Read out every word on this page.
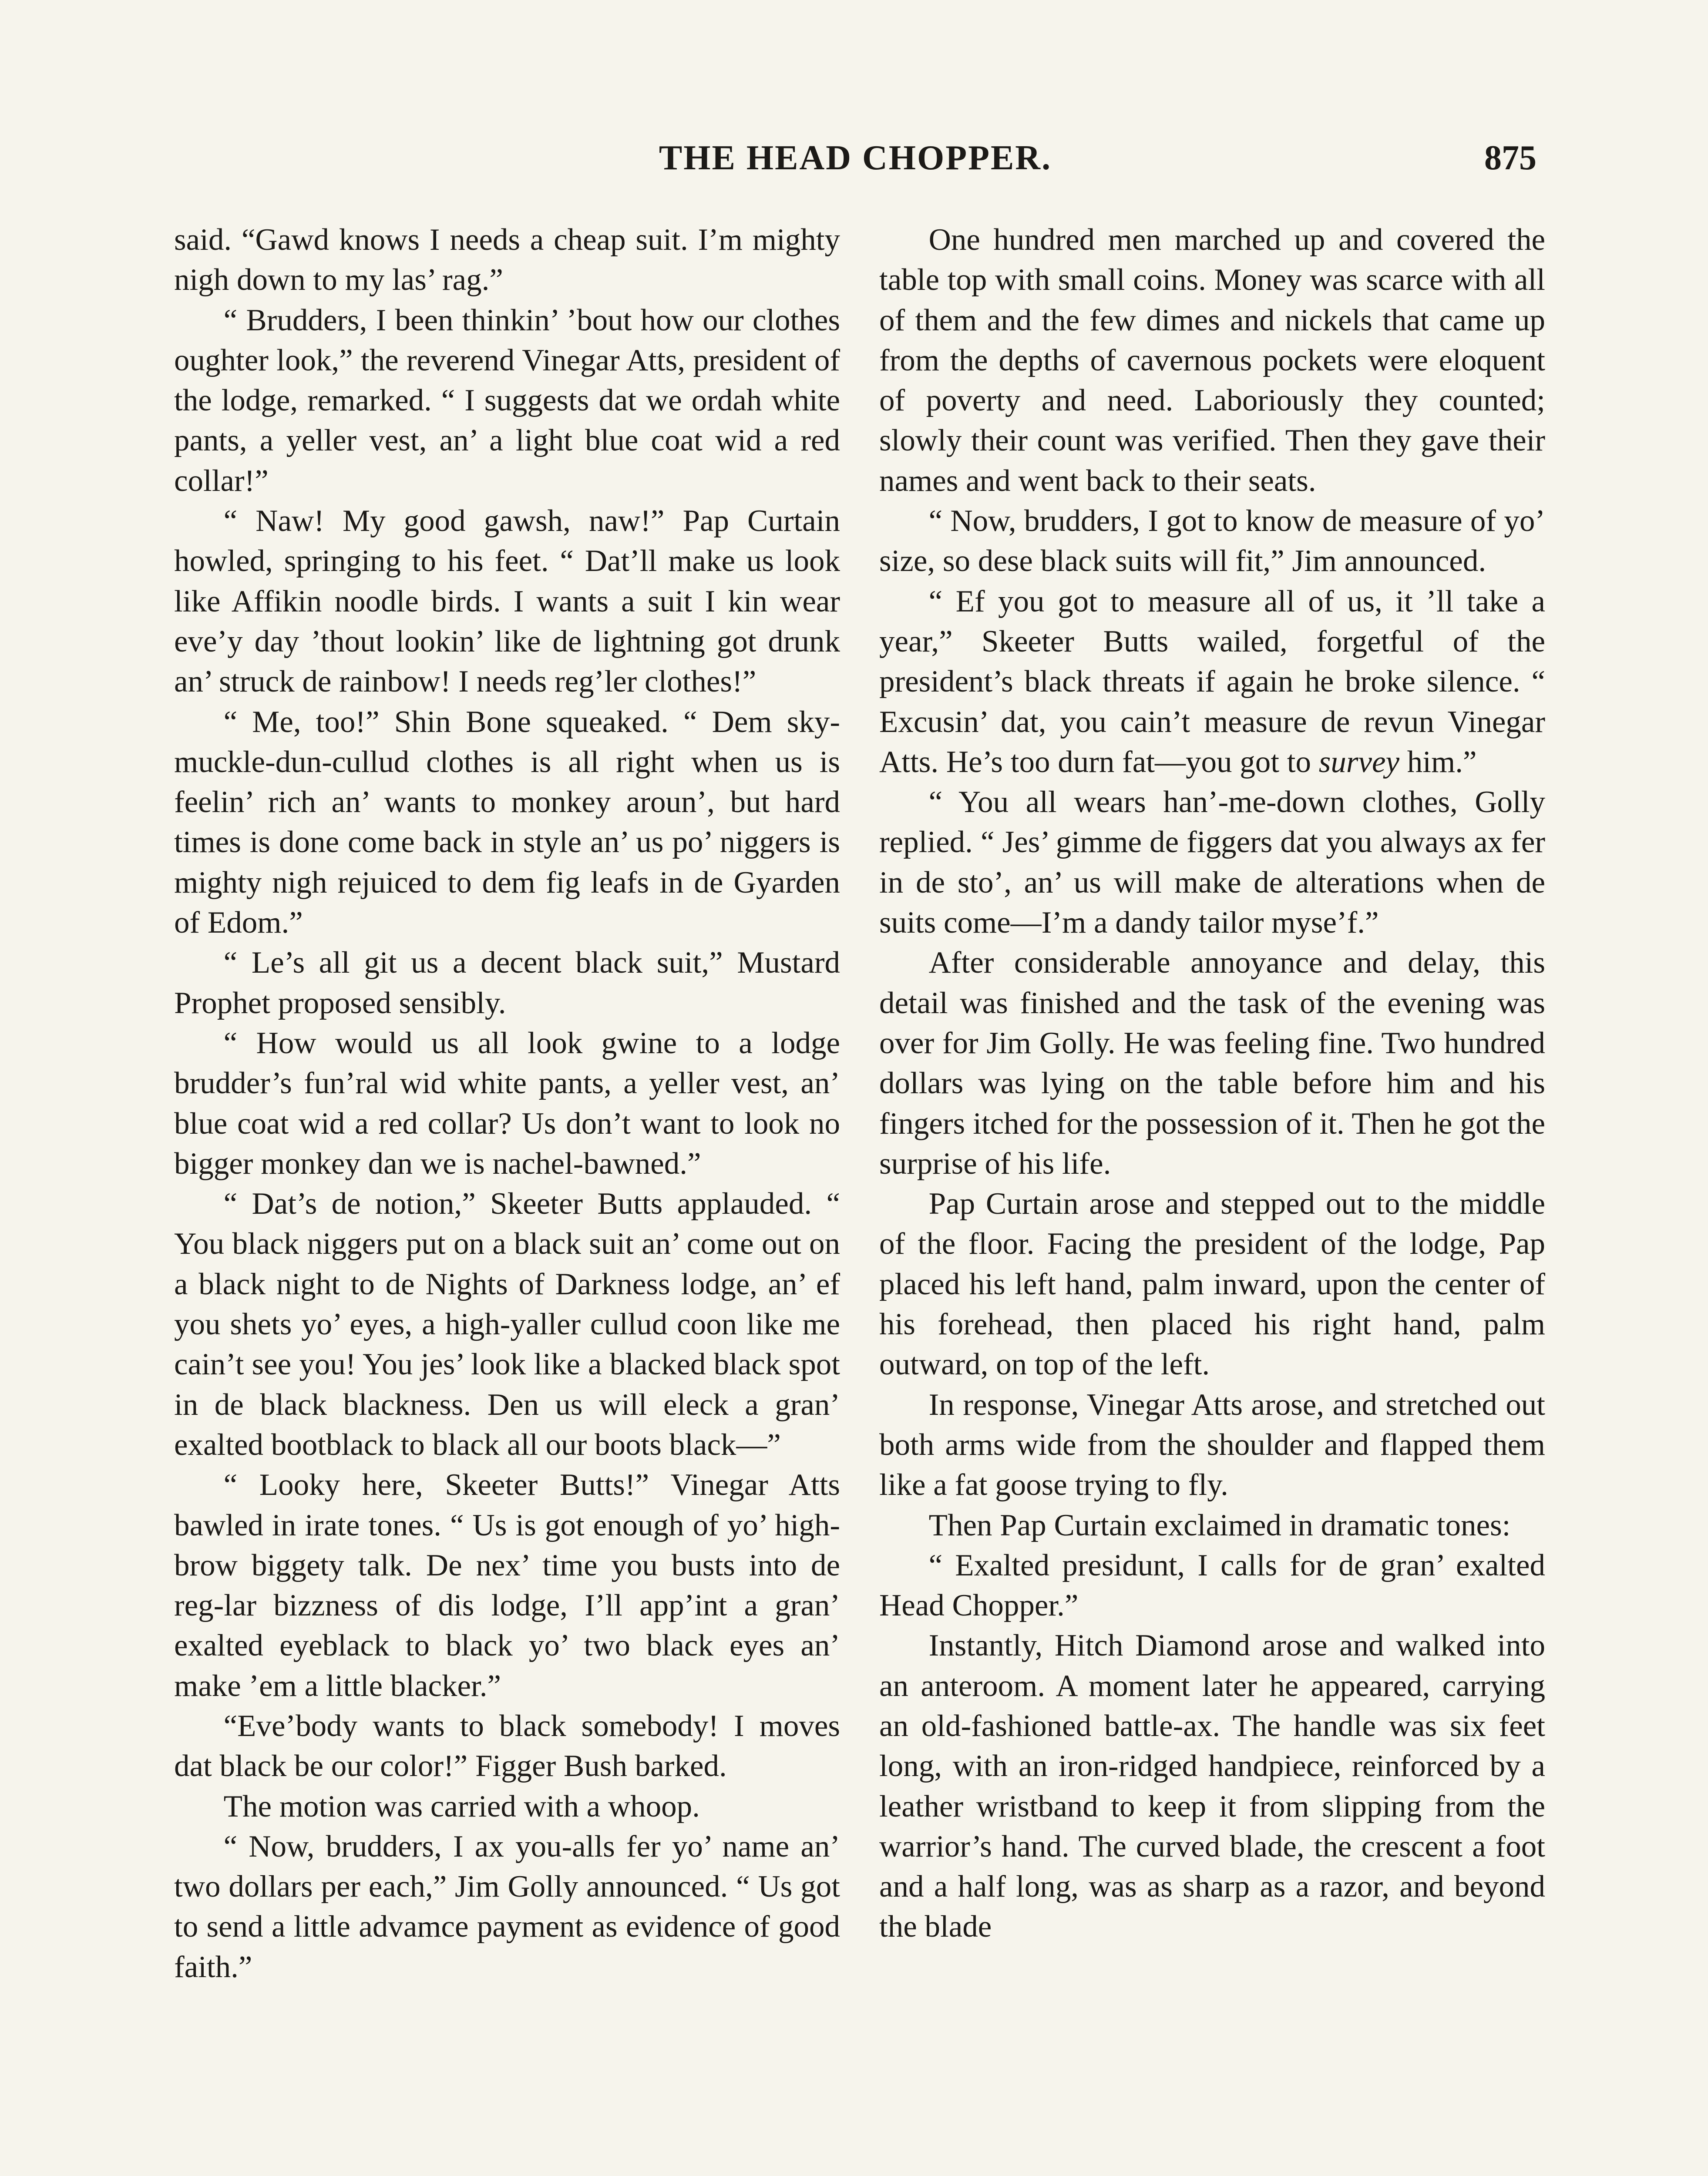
THE HEAD CHOPPER.	875

said. “Gawd knows I needs a cheap suit. I’m mighty nigh down to my las’ rag.”

“ Brudders, I been thinkin’ ’bout how our clothes oughter look,” the reverend Vinegar Atts, president of the lodge, remarked. “ I suggests dat we ordah white pants, a yeller vest, an’ a light blue coat wid a red collar!”

“ Naw! My good gawsh, naw!” Pap Curtain howled, springing to his feet. “ Dat’ll make us look like Affikin noodle birds. I wants a suit I kin wear eve’y day ’thout lookin’ like de lightning got drunk an’ struck de rainbow! I needs reg’ler clothes!”

“ Me, too!” Shin Bone squeaked. “ Dem sky-muckle-dun-cullud clothes is all right when us is feelin’ rich an’ wants to monkey aroun’, but hard times is done come back in style an’ us po’ niggers is mighty nigh rejuiced to dem fig leafs in de Gyarden of Edom.”

“ Le’s all git us a decent black suit,” Mustard Prophet proposed sensibly.

“ How would us all look gwine to a lodge brudder’s fun’ral wid white pants, a yeller vest, an’ blue coat wid a red collar? Us don’t want to look no bigger monkey dan we is nachel-bawned.”

“ Dat’s de notion,” Skeeter Butts applauded. “ You black niggers put on a black suit an’ come out on a black night to de Nights of Darkness lodge, an’ ef you shets yo’ eyes, a high-yaller cullud coon like me cain’t see you! You jes’ look like a blacked black spot in de black blackness. Den us will eleck a gran’ exalted bootblack to black all our boots black—”

“ Looky here, Skeeter Butts!” Vinegar Atts bawled in irate tones. “ Us is got enough of yo’ high-brow biggety talk. De nex’ time you busts into de reg-lar bizzness of dis lodge, I’ll app’int a gran’ exalted eyeblack to black yo’ two black eyes an’ make ’em a little blacker.”

“Eve’body wants to black somebody! I moves dat black be our color!” Figger Bush barked.

The motion was carried with a whoop.

“ Now, brudders, I ax you-alls fer yo’ name an’ two dollars per each,” Jim Golly announced. “ Us got to send a little advamce payment as evidence of good faith.”

One hundred men marched up and covered the table top with small coins. Money was scarce with all of them and the few dimes and nickels that came up from the depths of cavernous pockets were eloquent of poverty and need. Laboriously they counted; slowly their count was verified. Then they gave their names and went back to their seats.

“ Now, brudders, I got to know de measure of yo’ size, so dese black suits will fit,” Jim announced.

“ Ef you got to measure all of us, it ’ll take a year,” Skeeter Butts wailed, forgetful of the president’s black threats if again he broke silence. “ Excusin’ dat, you cain’t measure de revun Vinegar Atts. He’s too durn fat—you got to survey him.”

“ You all wears han’-me-down clothes, Golly replied. “ Jes’ gimme de figgers dat you always ax fer in de sto’, an’ us will make de alterations when de suits come—I’m a dandy tailor myse’f.”

After considerable annoyance and delay, this detail was finished and the task of the evening was over for Jim Golly. He was feeling fine. Two hundred dollars was lying on the table before him and his fingers itched for the possession of it. Then he got the surprise of his life.

Pap Curtain arose and stepped out to the middle of the floor. Facing the president of the lodge, Pap placed his left hand, palm inward, upon the center of his forehead, then placed his right hand, palm outward, on top of the left.

In response, Vinegar Atts arose, and stretched out both arms wide from the shoulder and flapped them like a fat goose trying to fly.

Then Pap Curtain exclaimed in dramatic tones:

“ Exalted presidunt, I calls for de gran’ exalted Head Chopper.”

Instantly, Hitch Diamond arose and walked into an anteroom. A moment later he appeared, carrying an old-fashioned battle-ax. The handle was six feet long, with an iron-ridged handpiece, reinforced by a leather wristband to keep it from slipping from the warrior’s hand. The curved blade, the crescent a foot and a half long, was as sharp as a razor, and beyond the blade
